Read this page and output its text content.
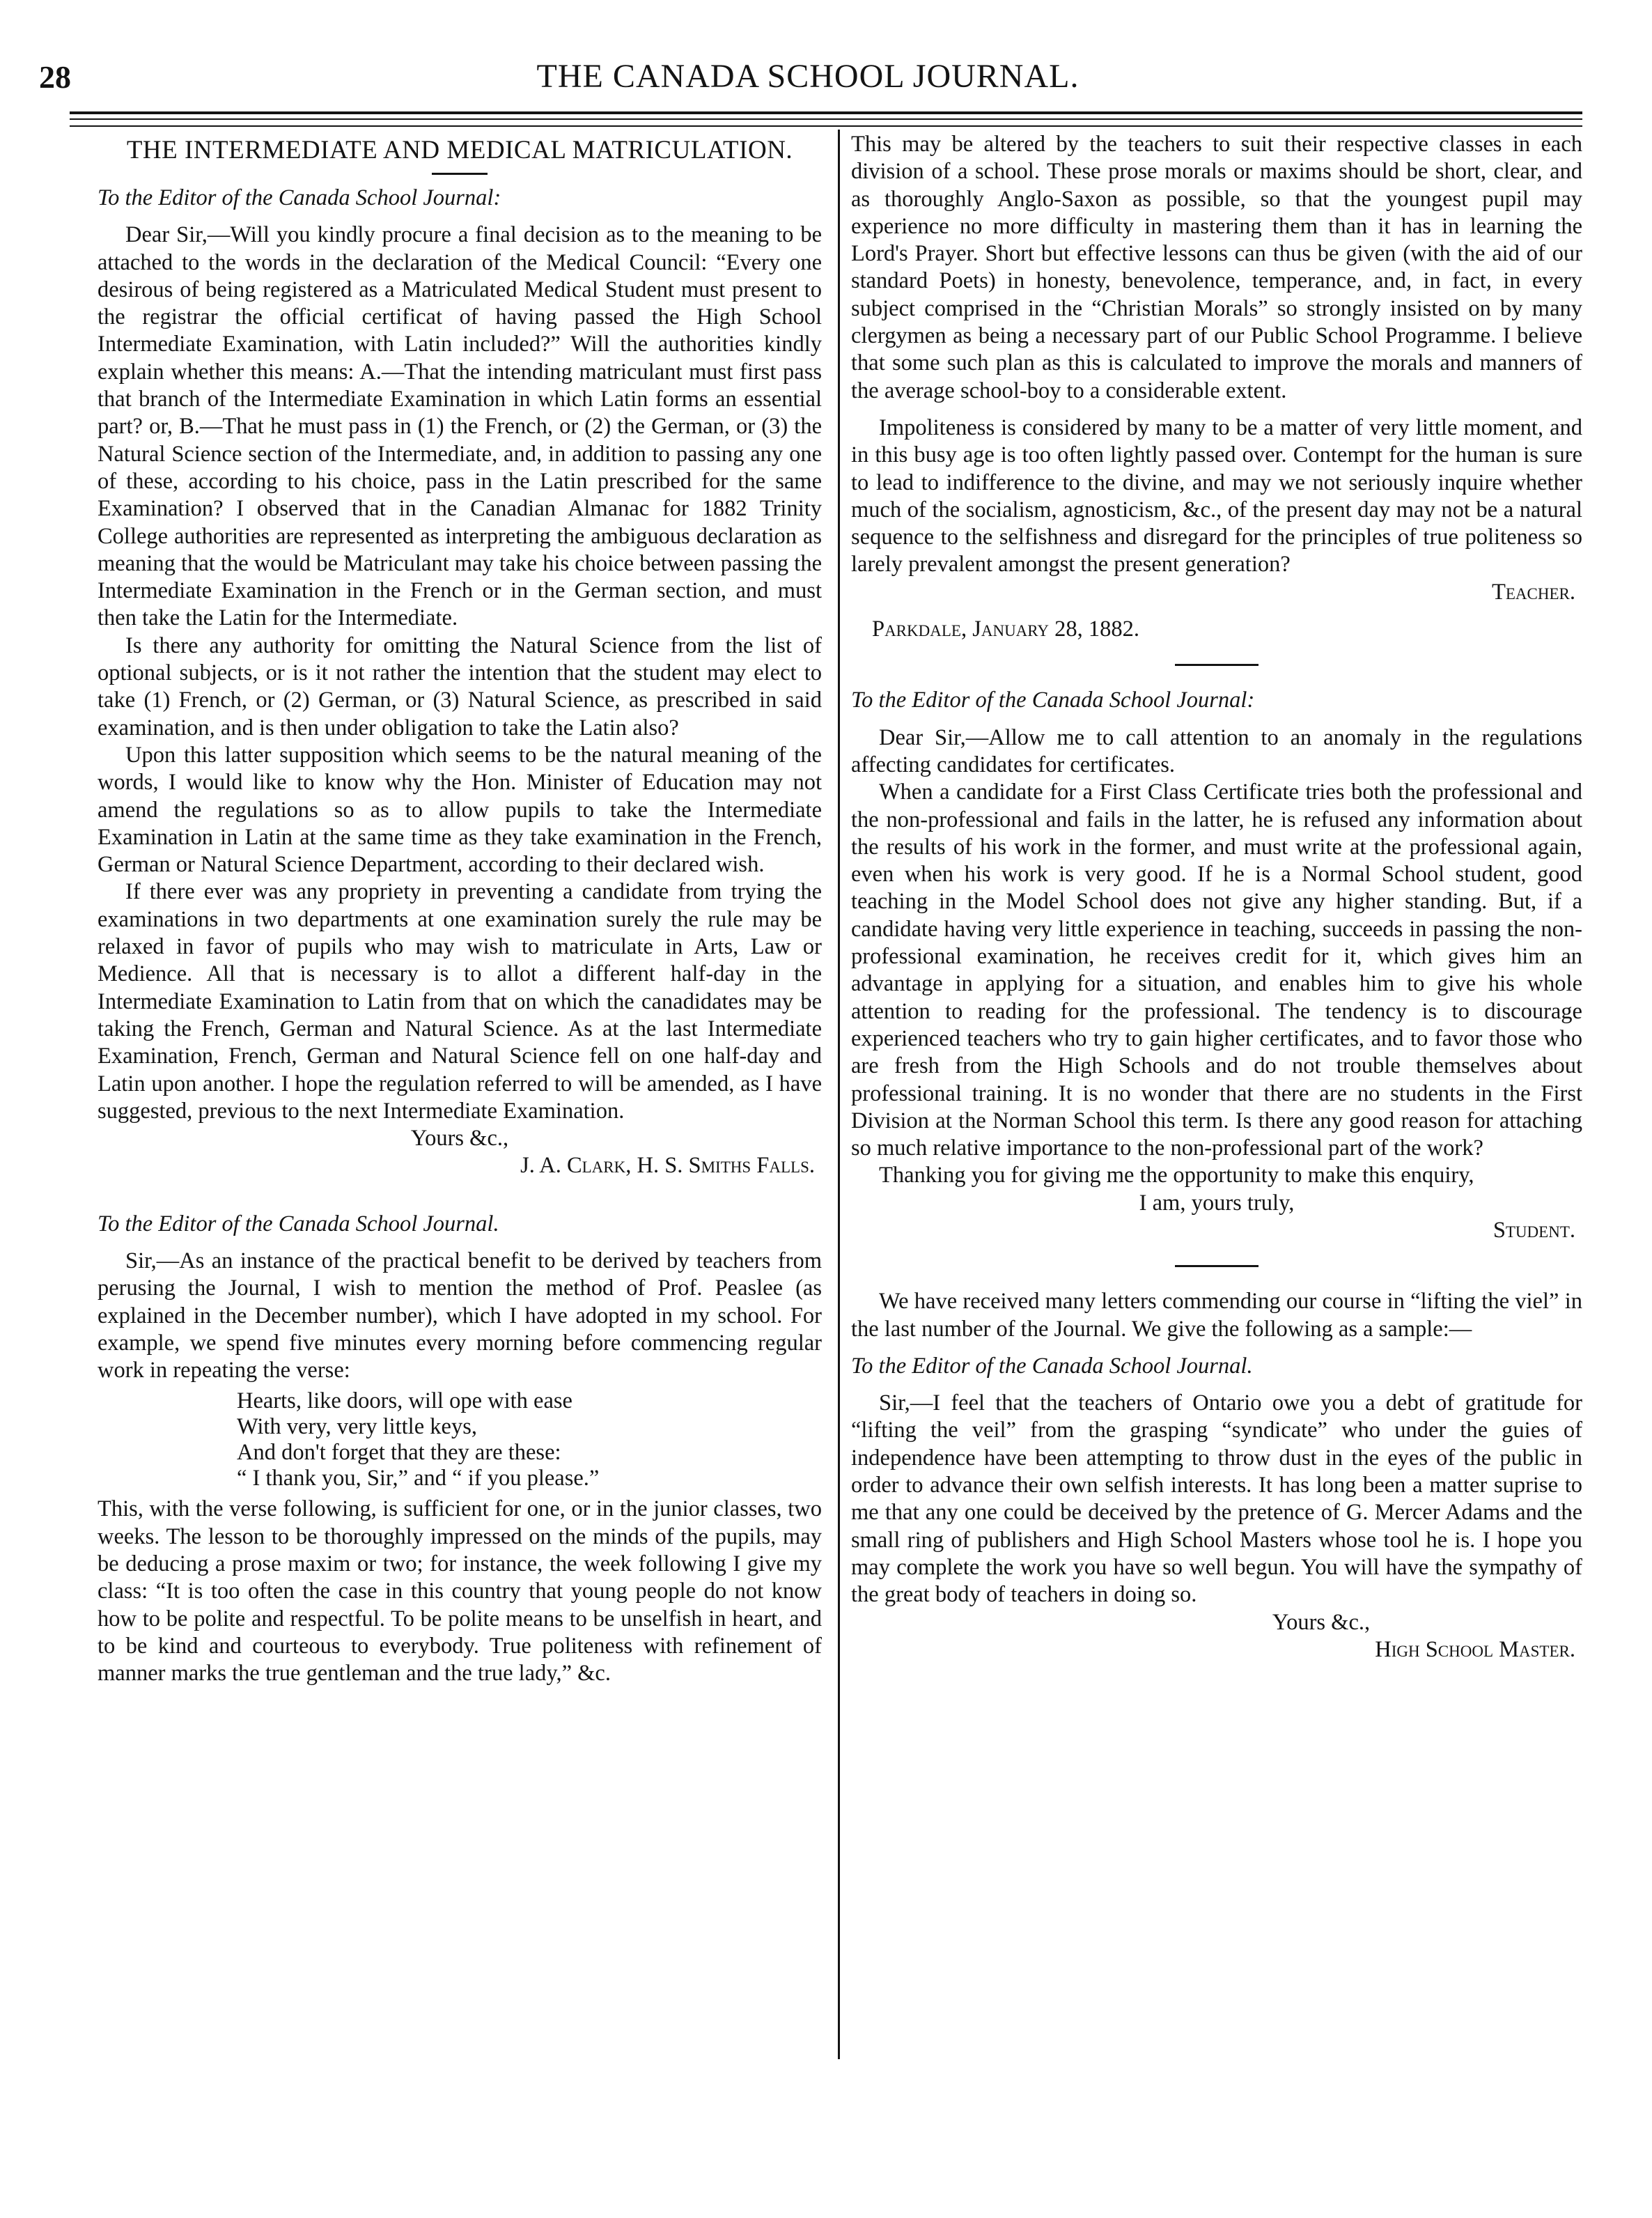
28	THE CANADA SCHOOL JOURNAL.
THE INTERMEDIATE AND MEDICAL MATRICULATION.
To the Editor of the Canada School Journal:

Dear Sir,—Will you kindly procure a final decision as to the meaning to be attached to the words in the declaration of the Medical Council: “Every one desirous of being registered as a Matriculated Medical Student must present to the registrar the official certificat of having passed the High School Intermediate Examination, with Latin included?” Will the authorities kindly explain whether this means: A.—That the intending matriculant must first pass that branch of the Intermediate Examination in which Latin forms an essential part? or, B.—That he must pass in (1) the French, or (2) the German, or (3) the Natural Science section of the Intermediate, and, in addition to passing any one of these, according to his choice, pass in the Latin prescribed for the same Examination? I observed that in the Canadian Almanac for 1882 Trinity College authorities are represented as interpreting the ambiguous declaration as meaning that the would be Matriculant may take his choice between passing the Intermediate Examination in the French or in the German section, and must then take the Latin for the Intermediate.

Is there any authority for omitting the Natural Science from the list of optional subjects, or is it not rather the intention that the student may elect to take (1) French, or (2) German, or (3) Natural Science, as prescribed in said examination, and is then under obligation to take the Latin also?

Upon this latter supposition which seems to be the natural meaning of the words, I would like to know why the Hon. Minister of Education may not amend the regulations so as to allow pupils to take the Intermediate Examination in Latin at the same time as they take examination in the French, German or Natural Science Department, according to their declared wish.

If there ever was any propriety in preventing a candidate from trying the examinations in two departments at one examination surely the rule may be relaxed in favor of pupils who may wish to matriculate in Arts, Law or Medience. All that is necessary is to allot a different half-day in the Intermediate Examination to Latin from that on which the canadidates may be taking the French, German and Natural Science. As at the last Intermediate Examination, French, German and Natural Science fell on one half-day and Latin upon another. I hope the regulation referred to will be amended, as I have suggested, previous to the next Intermediate Examination.

Yours &c.,
J. A. Clark, H. S. Smiths Falls.
To the Editor of the Canada School Journal.

Sir,—As an instance of the practical benefit to be derived by teachers from perusing the Journal, I wish to mention the method of Prof. Peaslee (as explained in the December number), which I have adopted in my school. For example, we spend five minutes every morning before commencing regular work in repeating the verse:

Hearts, like doors, will ope with ease
With very, very little keys,
And don't forget that they are these:
“ I thank you, Sir,” and “ if you please.”

This, with the verse following, is sufficient for one, or in the junior classes, two weeks. The lesson to be thoroughly impressed on the minds of the pupils, may be deducing a prose maxim or two; for instance, the week following I give my class: “It is too often the case in this country that young people do not know how to be polite and respectful. To be polite means to be unselfish in heart, and to be kind and courteous to everybody. True politeness with refinement of manner marks the true gentleman and the true lady,” &c.

This may be altered by the teachers to suit their respective classes in each division of a school. These prose morals or maxims should be short, clear, and as thoroughly Anglo-Saxon as possible, so that the youngest pupil may experience no more difficulty in mastering them than it has in learning the Lord's Prayer. Short but effective lessons can thus be given (with the aid of our standard Poets) in honesty, benevolence, temperance, and, in fact, in every subject comprised in the “Christian Morals” so strongly insisted on by many clergymen as being a necessary part of our Public School Programme. I believe that some such plan as this is calculated to improve the morals and manners of the average school-boy to a considerable extent.

Impoliteness is considered by many to be a matter of very little moment, and in this busy age is too often lightly passed over. Contempt for the human is sure to lead to indifference to the divine, and may we not seriously inquire whether much of the socialism, agnosticism, &c., of the present day may not be a natural sequence to the selfishness and disregard for the principles of true politeness so larely prevalent amongst the present generation?

Teacher.
Parkdale, January 28, 1882.
To the Editor of the Canada School Journal:

Dear Sir,—Allow me to call attention to an anomaly in the regulations affecting candidates for certificates.

When a candidate for a First Class Certificate tries both the professional and the non-professional and fails in the latter, he is refused any information about the results of his work in the former, and must write at the professional again, even when his work is very good. If he is a Normal School student, good teaching in the Model School does not give any higher standing. But, if a candidate having very little experience in teaching, succeeds in passing the non-professional examination, he receives credit for it, which gives him an advantage in applying for a situation, and enables him to give his whole attention to reading for the professional. The tendency is to discourage experienced teachers who try to gain higher certificates, and to favor those who are fresh from the High Schools and do not trouble themselves about professional training. It is no wonder that there are no students in the First Division at the Norman School this term. Is there any good reason for attaching so much relative importance to the non-professional part of the work?

Thanking you for giving me the opportunity to make this enquiry,

I am, yours truly,
Student.

We have received many letters commending our course in “lifting the viel” in the last number of the Journal. We give the following as a sample:—

To the Editor of the Canada School Journal.

Sir,—I feel that the teachers of Ontario owe you a debt of gratitude for “lifting the veil” from the grasping “syndicate” who under the guies of independence have been attempting to throw dust in the eyes of the public in order to advance their own selfish interests. It has long been a matter suprise to me that any one could be deceived by the pretence of G. Mercer Adams and the small ring of publishers and High School Masters whose tool he is. I hope you may complete the work you have so well begun. You will have the sympathy of the great body of teachers in doing so.

Yours &c.,
High School Master.
